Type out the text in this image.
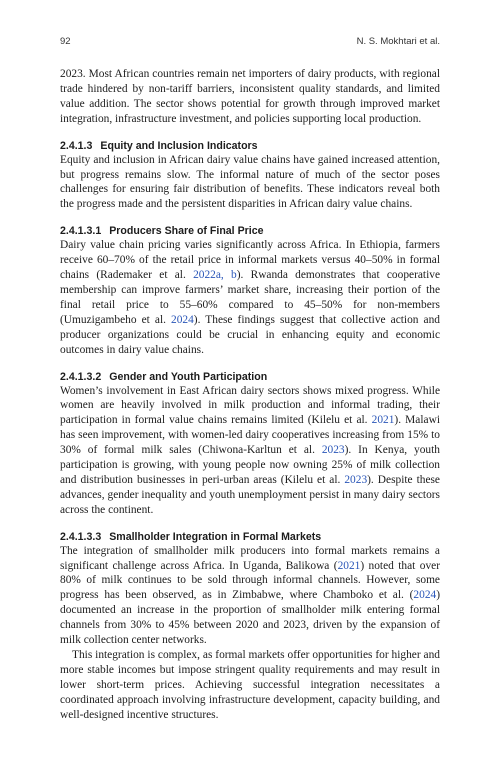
92	N. S. Mokhtari et al.

2023. Most African countries remain net importers of dairy products, with regional trade hindered by non-tariff barriers, inconsistent quality standards, and limited value addition. The sector shows potential for growth through improved market integration, infrastructure investment, and policies supporting local production.

2.4.1.3 Equity and Inclusion Indicators

Equity and inclusion in African dairy value chains have gained increased attention, but progress remains slow. The informal nature of much of the sector poses challenges for ensuring fair distribution of benefits. These indicators reveal both the progress made and the persistent disparities in African dairy value chains.

2.4.1.3.1 Producers Share of Final Price

Dairy value chain pricing varies significantly across Africa. In Ethiopia, farmers receive 60–70% of the retail price in informal markets versus 40–50% in formal chains (Rademaker et al. 2022a, b). Rwanda demonstrates that cooperative membership can improve farmers’ market share, increasing their portion of the final retail price to 55–60% compared to 45–50% for non-members (Umuzigambeho et al. 2024). These findings suggest that collective action and producer organizations could be crucial in enhancing equity and economic outcomes in dairy value chains.

2.4.1.3.2 Gender and Youth Participation

Women’s involvement in East African dairy sectors shows mixed progress. While women are heavily involved in milk production and informal trading, their participation in formal value chains remains limited (Kilelu et al. 2021). Malawi has seen improvement, with women-led dairy cooperatives increasing from 15% to 30% of formal milk sales (Chiwona-Karltun et al. 2023). In Kenya, youth participation is growing, with young people now owning 25% of milk collection and distribution businesses in peri-urban areas (Kilelu et al. 2023). Despite these advances, gender inequality and youth unemployment persist in many dairy sectors across the continent.

2.4.1.3.3 Smallholder Integration in Formal Markets

The integration of smallholder milk producers into formal markets remains a significant challenge across Africa. In Uganda, Balikowa (2021) noted that over 80% of milk continues to be sold through informal channels. However, some progress has been observed, as in Zimbabwe, where Chamboko et al. (2024) documented an increase in the proportion of smallholder milk entering formal channels from 30% to 45% between 2020 and 2023, driven by the expansion of milk collection center networks.

This integration is complex, as formal markets offer opportunities for higher and more stable incomes but impose stringent quality requirements and may result in lower short-term prices. Achieving successful integration necessitates a coordinated approach involving infrastructure development, capacity building, and well-designed incentive structures.
